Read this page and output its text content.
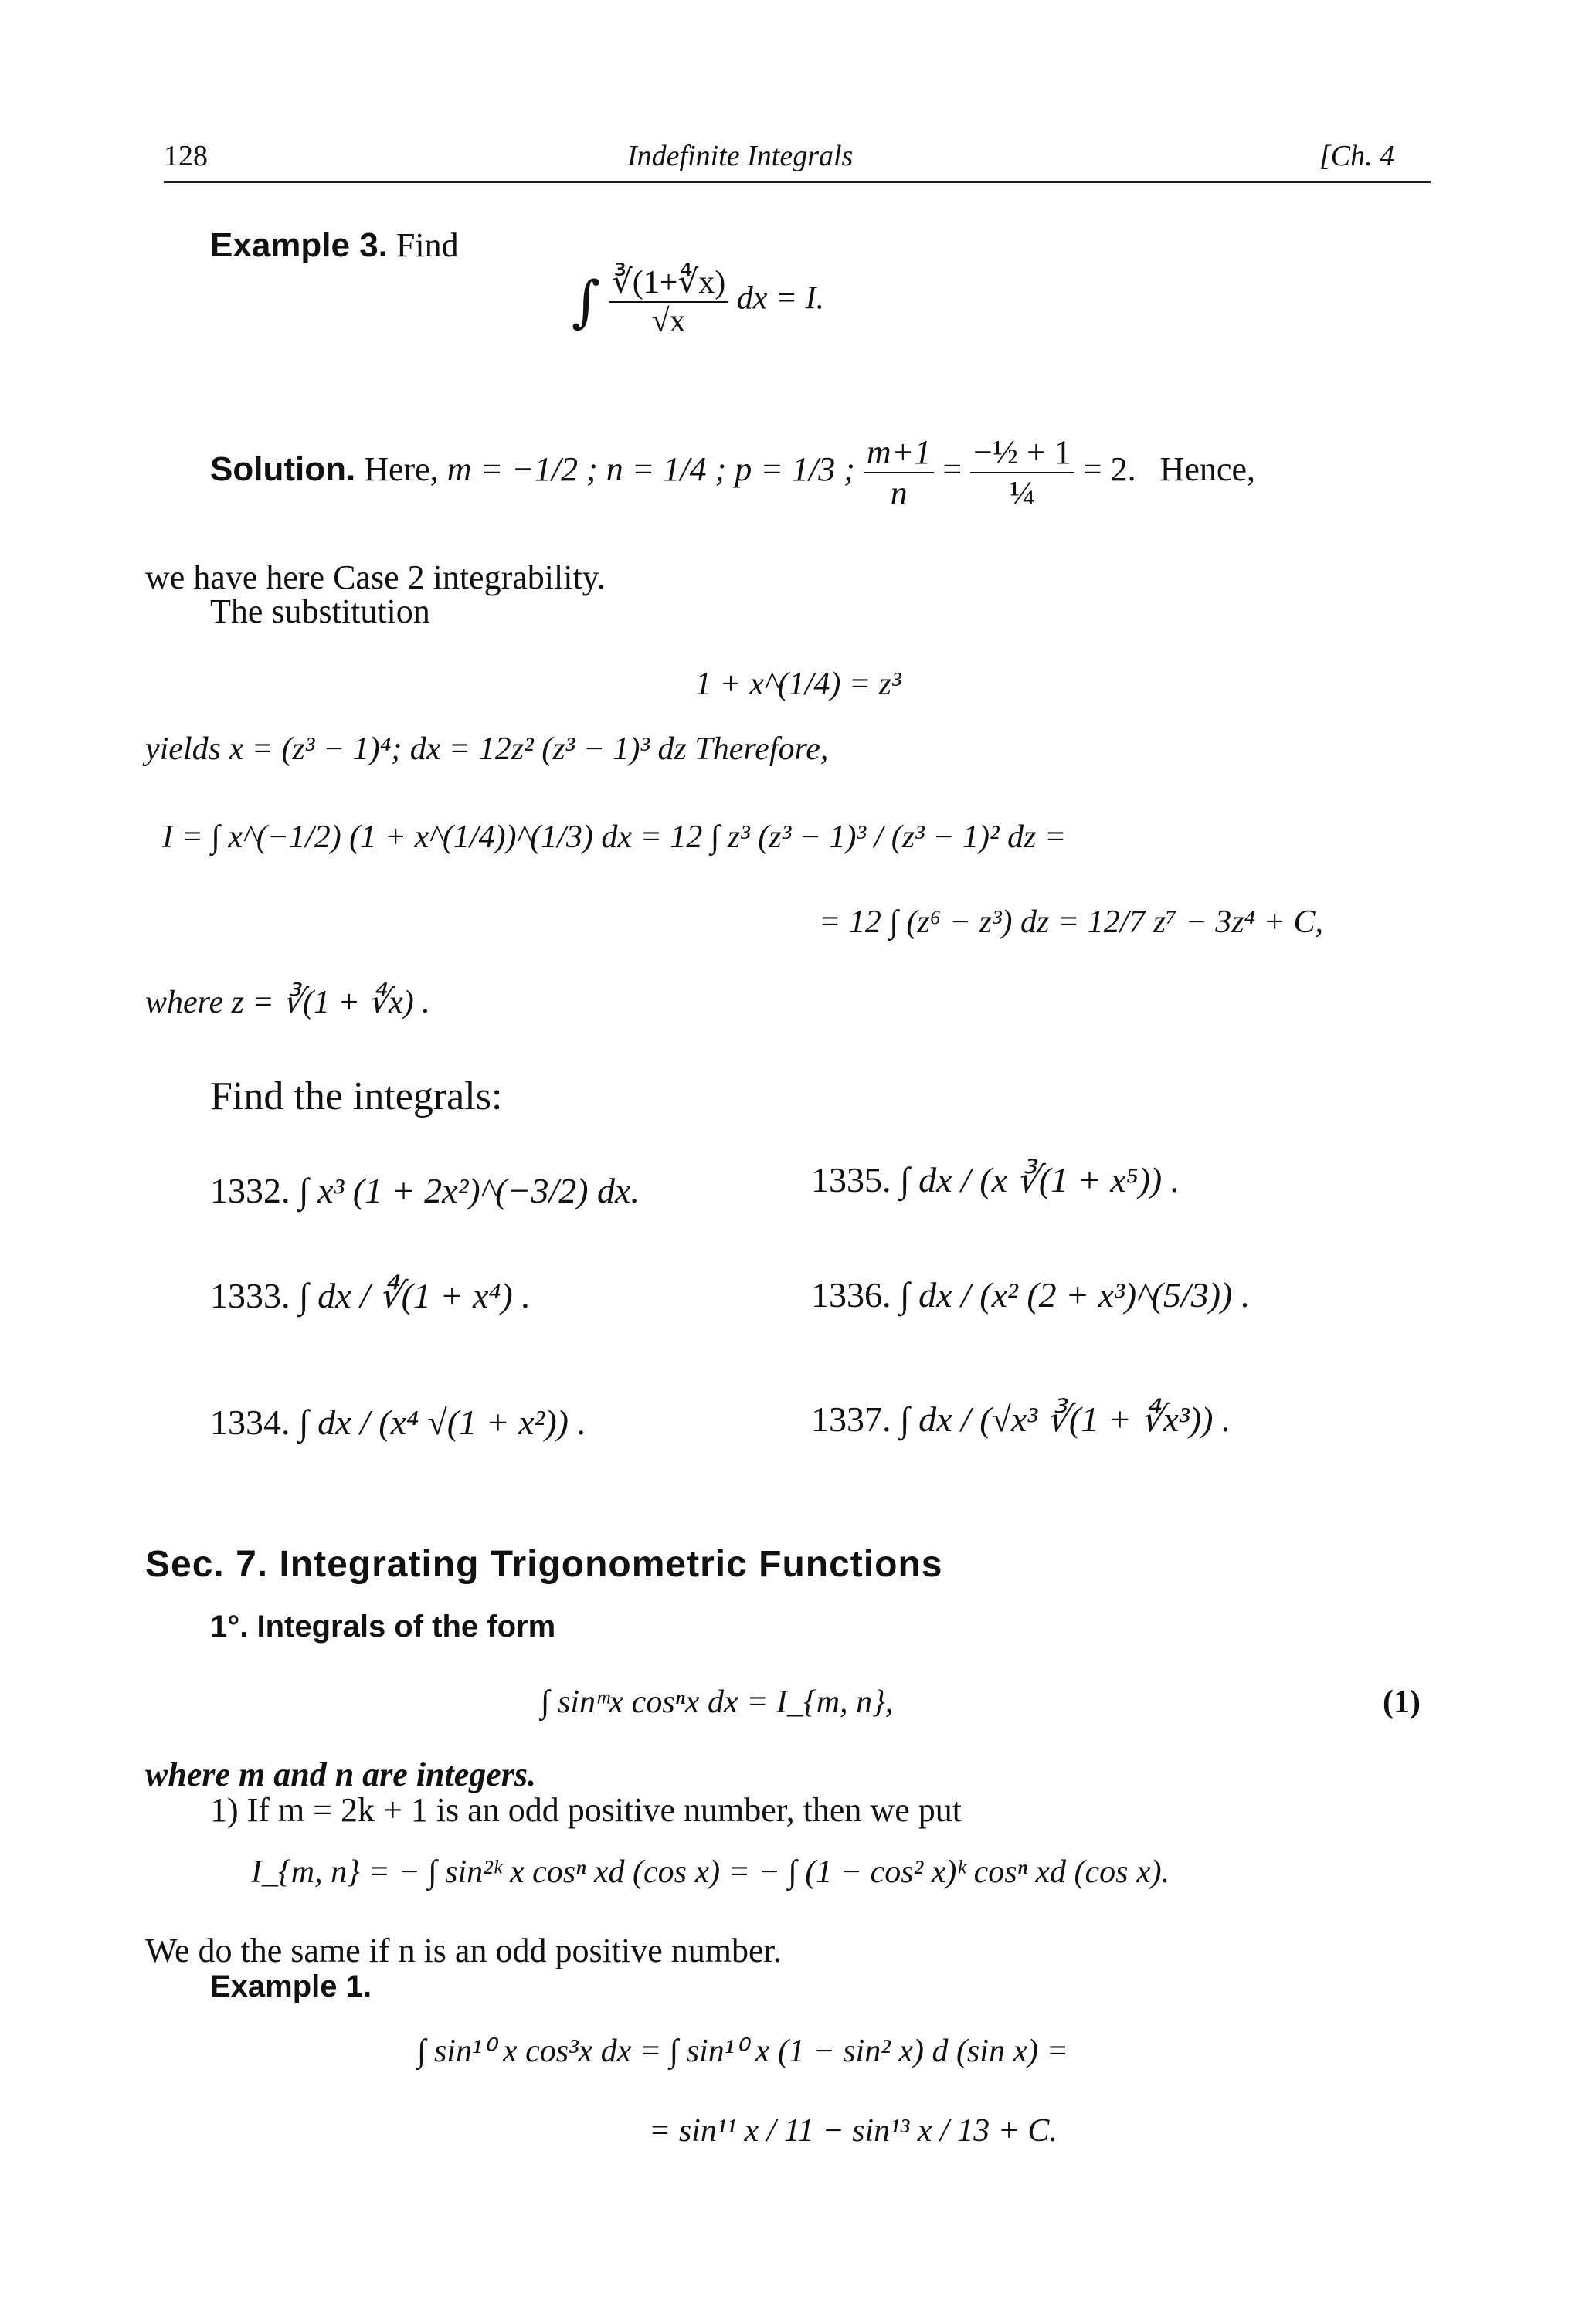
128	Indefinite Integrals	[Ch. 4
Example 3. Find
∫ $\frac{∛(1+∜x)}{√x}$ dx = I.
Solution. Here, m = −1/2 ; n = 1/4 ; p = 1/3 ; $\frac{m+1}{n} = \frac{\text{−½ + 1}}{\text{¼}} = 2$. Hence,
we have here Case 2 integrability.
The substitution
1 + x^(1/4) = z³
yields x = (z³ − 1)⁴; dx = 12z² (z³ − 1)³ dz Therefore,
I = ∫ x^(−1/2) (1 + x^(1/4))^(1/3) dx = 12 ∫ z³ (z³ − 1)³ / (z³ − 1)² dz =
= 12 ∫ (z⁶ − z³) dz = 12/7 z⁷ − 3z⁴ + C,
where z = ∛(1 + ∜x) .
Find the integrals:
1332. ∫ x³ (1 + 2x²)^(−3/2) dx.
1333. ∫ dx / ∜(1 + x⁴) .
1334. ∫ dx / (x⁴ √(1 + x²)) .
1335. ∫ dx / (x ∛(1 + x⁵)) .
1336. ∫ dx / (x² (2 + x³)^(5/3)) .
1337. ∫ dx / (√x³ ∛(1 + ∜x³)) .
Sec. 7. Integrating Trigonometric Functions
1°. Integrals of the form
∫ sinᵐx cosⁿx dx = I_{m, n},	(1)
where m and n are integers.
1) If m = 2k + 1 is an odd positive number, then we put
I_{m, n} = − ∫ sin²ᵏ x cosⁿ xd (cos x) = − ∫ (1 − cos² x)ᵏ cosⁿ xd (cos x).
We do the same if n is an odd positive number.
Example 1.
∫ sin¹⁰ x cos³x dx = ∫ sin¹⁰ x (1 − sin² x) d (sin x) =
= sin¹¹ x / 11 − sin¹³ x / 13 + C.
